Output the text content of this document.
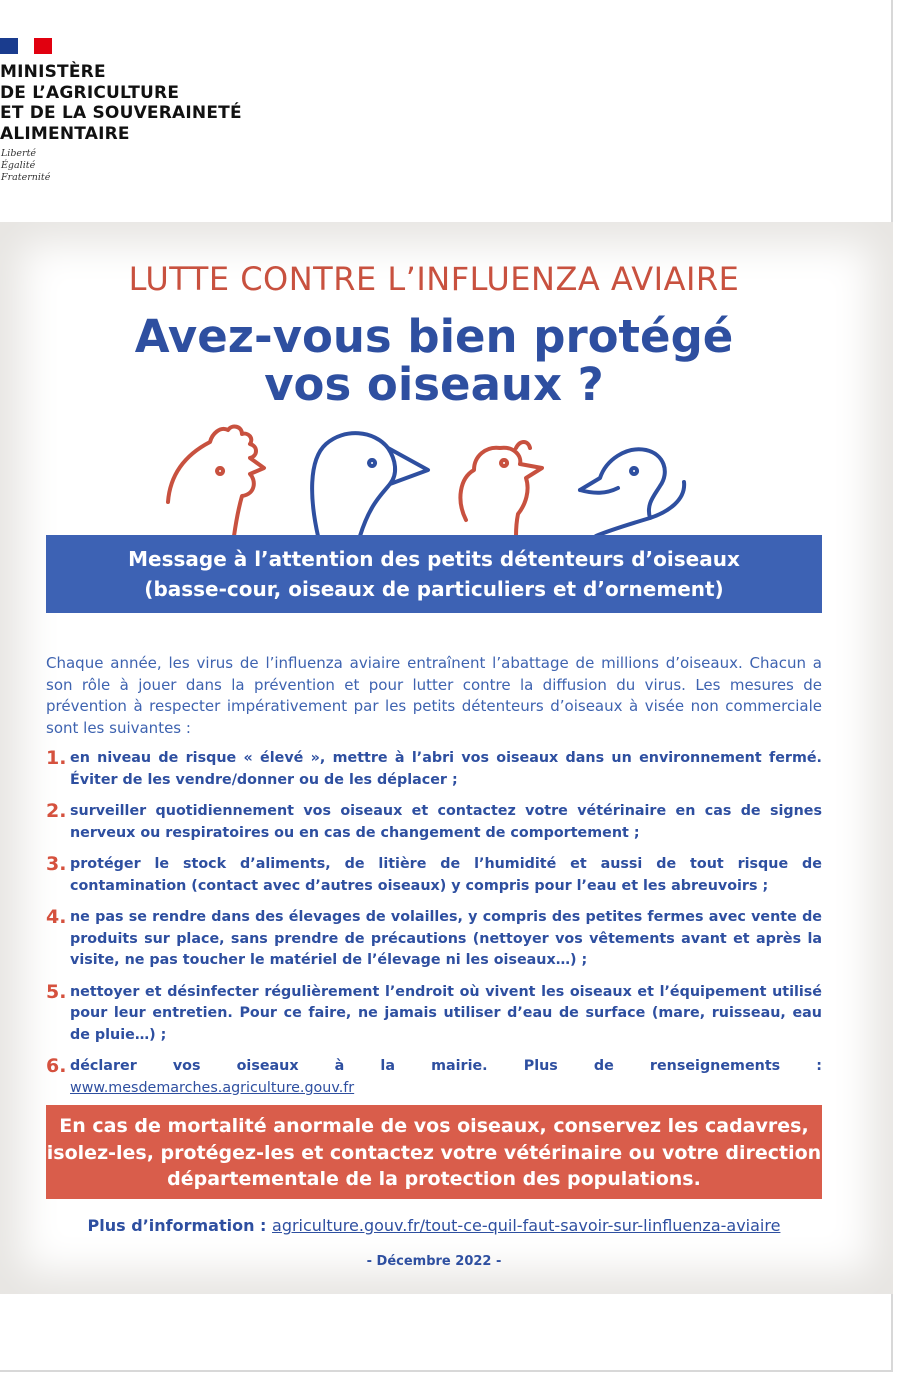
MINISTÈRE
DE L’AGRICULTURE
ET DE LA SOUVERAINETÉ
ALIMENTAIRE
Liberté
Égalité
Fraternité
LUTTE CONTRE L’INFLUENZA AVIAIRE
Avez-vous bien protégé
vos oiseaux ?
Message à l’attention des petits détenteurs d’oiseaux
(basse-cour, oiseaux de particuliers et d’ornement)
Chaque année, les virus de l’influenza aviaire entraînent l’abattage de millions d’oiseaux. Chacun a son rôle à jouer dans la prévention et pour lutter contre la diffusion du virus. Les mesures de prévention à respecter impérativement par les petits détenteurs d’oiseaux à visée non commerciale sont les suivantes :
1. en niveau de risque « élevé », mettre à l’abri vos oiseaux dans un environnement fermé. Éviter de les vendre/donner ou de les déplacer ;
2. surveiller quotidiennement vos oiseaux et contactez votre vétérinaire en cas de signes nerveux ou respiratoires ou en cas de changement de comportement ;
3. protéger le stock d’aliments, de litière de l’humidité et aussi de tout risque de contamination (contact avec d’autres oiseaux) y compris pour l’eau et les abreuvoirs ;
4. ne pas se rendre dans des élevages de volailles, y compris des petites fermes avec vente de produits sur place, sans prendre de précautions (nettoyer vos vêtements avant et après la visite, ne pas toucher le matériel de l’élevage ni les oiseaux…) ;
5. nettoyer et désinfecter régulièrement l’endroit où vivent les oiseaux et l’équipement utilisé pour leur entretien. Pour ce faire, ne jamais utiliser d’eau de surface (mare, ruisseau, eau de pluie…) ;
6. déclarer vos oiseaux à la mairie. Plus de renseignements : www.mesdemarches.agriculture.gouv.fr
En cas de mortalité anormale de vos oiseaux, conservez les cadavres, isolez-les, protégez-les et contactez votre vétérinaire ou votre direction départementale de la protection des populations.
Plus d’information : agriculture.gouv.fr/tout-ce-quil-faut-savoir-sur-linfluenza-aviaire
- Décembre 2022 -
